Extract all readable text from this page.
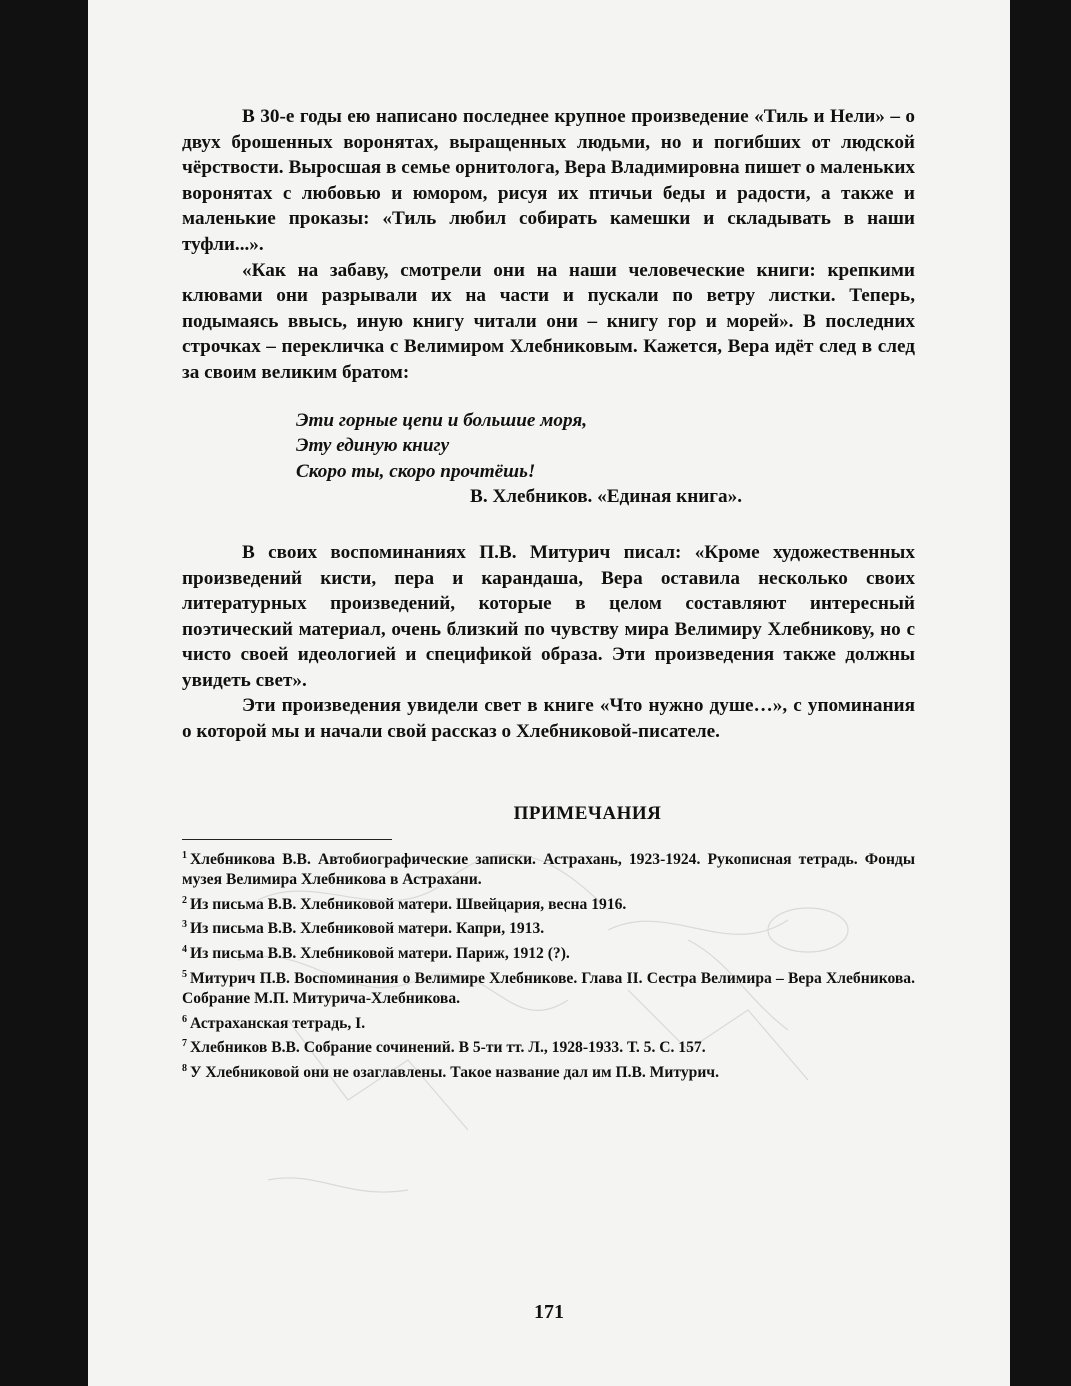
В 30-е годы ею написано последнее крупное произведение «Тиль и Нели» – о двух брошенных воронятах, выращенных людьми, но и погибших от людской чёрствости. Выросшая в семье орнитолога, Вера Владимировна пишет о маленьких воронятах с любовью и юмором, рисуя их птичьи беды и радости, а также и маленькие проказы: «Тиль любил собирать камешки и складывать в наши туфли...».

«Как на забаву, смотрели они на наши человеческие книги: крепкими клювами они разрывали их на части и пускали по ветру листки. Теперь, подымаясь ввысь, иную книгу читали они – книгу гор и морей». В последних строчках – перекличка с Велимиром Хлебниковым. Кажется, Вера идёт след в след за своим великим братом:

Эти горные цепи и большие моря,
Эту единую книгу
Скоро ты, скоро прочтёшь!
В. Хлебников. «Единая книга».

В своих воспоминаниях П.В. Митурич писал: «Кроме художественных произведений кисти, пера и карандаша, Вера оставила несколько своих литературных произведений, которые в целом составляют интересный поэтический материал, очень близкий по чувству мира Велимиру Хлебникову, но с чисто своей идеологией и спецификой образа. Эти произведения также должны увидеть свет».

Эти произведения увидели свет в книге «Что нужно душе…», с упоминания о которой мы и начали свой рассказ о Хлебниковой-писателе.

ПРИМЕЧАНИЯ
$^1$ Хлебникова В.В. Автобиографические записки. Астрахань, 1923-1924. Рукописная тетрадь. Фонды музея Велимира Хлебникова в Астрахани.
$^2$ Из письма В.В. Хлебниковой матери. Швейцария, весна 1916.
$^3$ Из письма В.В. Хлебниковой матери. Капри, 1913.
$^4$ Из письма В.В. Хлебниковой матери. Париж, 1912 (?).
$^5$ Митурич П.В. Воспоминания о Велимире Хлебникове. Глава II. Сестра Велимира – Вера Хлебникова. Собрание М.П. Митурича-Хлебникова.
$^6$ Астраханская тетрадь, I.
$^7$ Хлебников В.В. Собрание сочинений. В 5-ти тт. Л., 1928-1933. Т. 5. С. 157.
$^8$ У Хлебниковой они не озаглавлены. Такое название дал им П.В. Митурич.
171
